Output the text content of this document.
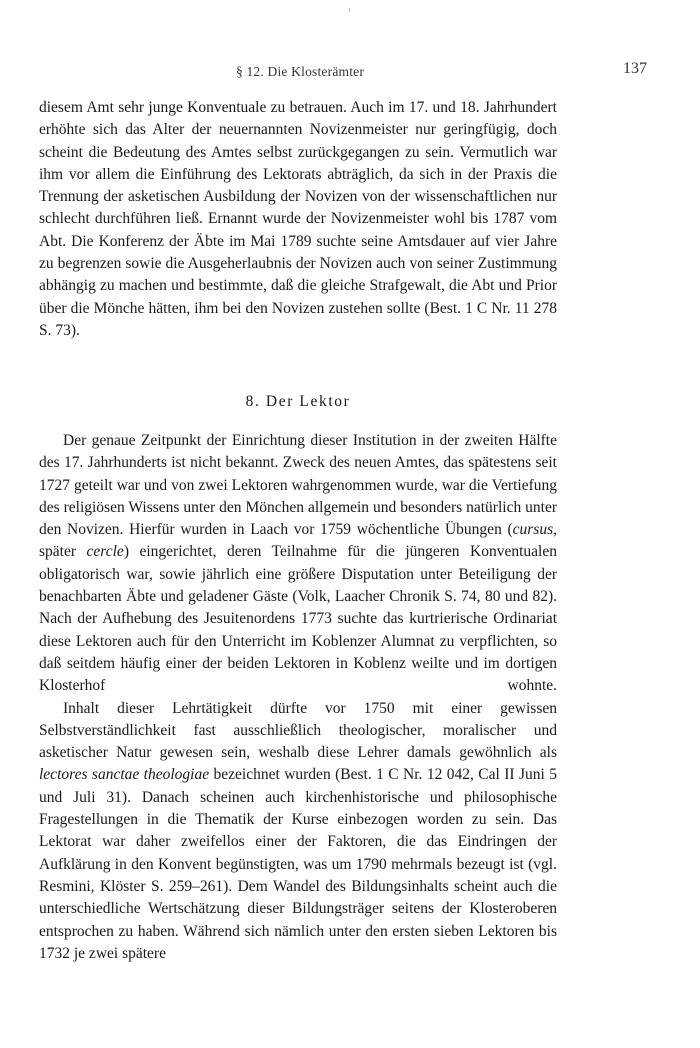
§ 12. Die Klosterämter	137

diesem Amt sehr junge Konventuale zu betrauen. Auch im 17. und 18. Jahrhundert erhöhte sich das Alter der neuernannten Novizenmeister nur geringfügig, doch scheint die Bedeutung des Amtes selbst zurückgegangen zu sein. Vermutlich war ihm vor allem die Einführung des Lektorats abträglich, da sich in der Praxis die Trennung der asketischen Ausbildung der Novizen von der wissenschaftlichen nur schlecht durchführen ließ. Ernannt wurde der Novizenmeister wohl bis 1787 vom Abt. Die Konferenz der Äbte im Mai 1789 suchte seine Amtsdauer auf vier Jahre zu begrenzen sowie die Ausgeherlaubnis der Novizen auch von seiner Zustimmung abhängig zu machen und bestimmte, daß die gleiche Strafgewalt, die Abt und Prior über die Mönche hätten, ihm bei den Novizen zustehen sollte (Best. 1 C Nr. 11 278 S. 73).

8. Der Lektor

Der genaue Zeitpunkt der Einrichtung dieser Institution in der zweiten Hälfte des 17. Jahrhunderts ist nicht bekannt. Zweck des neuen Amtes, das spätestens seit 1727 geteilt war und von zwei Lektoren wahrgenommen wurde, war die Vertiefung des religiösen Wissens unter den Mönchen allgemein und besonders natürlich unter den Novizen. Hierfür wurden in Laach vor 1759 wöchentliche Übungen (cursus, später cercle) eingerichtet, deren Teilnahme für die jüngeren Konventualen obligatorisch war, sowie jährlich eine größere Disputation unter Beteiligung der benachbarten Äbte und geladener Gäste (Volk, Laacher Chronik S. 74, 80 und 82). Nach der Aufhebung des Jesuitenordens 1773 suchte das kurtrierische Ordinariat diese Lektoren auch für den Unterricht im Koblenzer Alumnat zu verpflichten, so daß seitdem häufig einer der beiden Lektoren in Koblenz weilte und im dortigen Klosterhof wohnte.

Inhalt dieser Lehrtätigkeit dürfte vor 1750 mit einer gewissen Selbstverständlichkeit fast ausschließlich theologischer, moralischer und asketischer Natur gewesen sein, weshalb diese Lehrer damals gewöhnlich als lectores sanctae theologiae bezeichnet wurden (Best. 1 C Nr. 12 042, Cal II Juni 5 und Juli 31). Danach scheinen auch kirchenhistorische und philosophische Fragestellungen in die Thematik der Kurse einbezogen worden zu sein. Das Lektorat war daher zweifellos einer der Faktoren, die das Eindringen der Aufklärung in den Konvent begünstigten, was um 1790 mehrmals bezeugt ist (vgl. Resmini, Klöster S. 259–261). Dem Wandel des Bildungsinhalts scheint auch die unterschiedliche Wertschätzung dieser Bildungsträger seitens der Klosteroberen entsprochen zu haben. Während sich nämlich unter den ersten sieben Lektoren bis 1732 je zwei spätere
